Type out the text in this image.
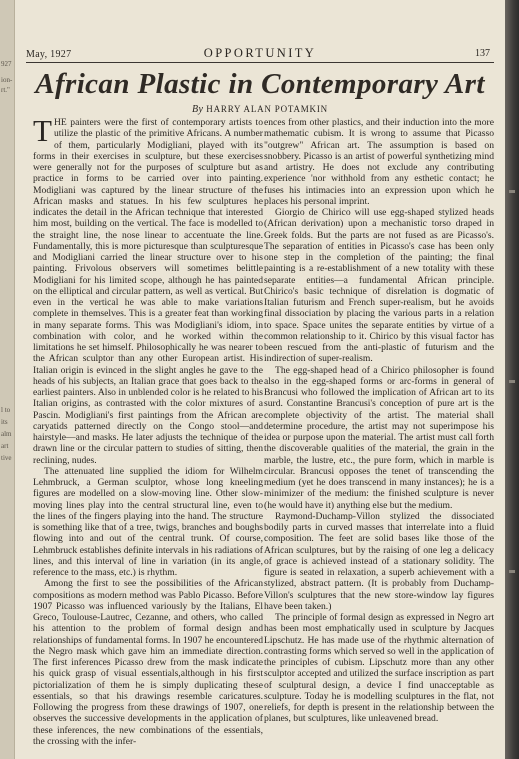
927
ion-
rt."
l to
its
alm
art
tive
May, 1927	OPPORTUNITY	137
African Plastic in Contemporary Art
By HARRY ALAN POTAMKIN

THE painters were the first of contemporary artists to utilize the plastic of the primitive Africans. A number of them, particularly Modigliani, played with its forms in their exercises in sculpture, but these exercises were generally not for the purposes of sculpture but as practice in forms to be carried over into painting. Modigliani was captured by the linear structure of the African masks and statues. In his few sculptures he indicates the detail in the African technique that interested him most, building on the vertical. The face is modelled to the straight line, the nose linear to accentuate the line. Fundamentally, this is more picturesque than sculpturesque and Modigliani carried the linear structure over to his painting. Frivolous observers will sometimes belittle Modigliani for his limited scope, although he has painted on the elliptical and circular pattern, as well as vertical. But even in the vertical he was able to make variations complete in themselves. This is a greater feat than working in many separate forms. This was Modigliani's idiom, in combination with color, and he worked within the limitations he set himself. Philosophically he was nearer to the African sculptor than any other European artist. His Italian origin is evinced in the slight angles he gave to the heads of his subjects, an Italian grace that goes back to the earliest painters. Also in unblended color is he related to his Italian origins, as contrasted with the color mixtures of a Pascin. Modigliani's first paintings from the African are caryatids patterned directly on the Congo stool—and hairstyle—and masks. He later adjusts the technique of the drawn line or the circular pattern to studies of sitting, then reclining, nudes.

The attenuated line supplied the idiom for Wilhelm Lehmbruck, a German sculptor, whose long kneeling figures are modelled on a slow-moving line. Other slow-moving lines play into the central structural line, even to the lines of the fingers playing into the hand. The structure is something like that of a tree, twigs, branches and boughs flowing into and out of the central trunk. Of course, Lehmbruck establishes definite intervals in his radiations of lines, and this interval of line in variation (in its angle, reference to the mass, etc.) is rhythm.

Among the first to see the possibilities of the African compositions as modern method was Pablo Picasso. Before 1907 Picasso was influenced variously by the Italians, El Greco, Toulouse-Lautrec, Cezanne, and others, who called his attention to the problem of formal design and relationships of fundamental forms. In 1907 he encountered the Negro mask which gave him an immediate direction. The first inferences Picasso drew from the mask indicate his quick grasp of visual essentials,although in his first pictorialization of them he is simply duplicating these essentials, so that his drawings resemble caricatures. Following the progress from these drawings of 1907, one observes the successive developments in the application of these inferences, the new combinations of the essentials, the crossing with the infer-

ences from other plastics, and their induction into the more mathematic cubism. It is wrong to assume that Picasso "outgrew" African art. The assumption is based on snobbery. Picasso is an artist of powerful synthetizing mind and artistry. He does not exclude any contributing experience 'nor withhold from any esthetic contact; he fuses his intimacies into an expression upon which he places his personal imprint.

Giorgio de Chirico will use egg-shaped stylized heads (African derivation) upon a mechanistic torso draped in Greek folds. But the parts are not fused as are Picasso's. The separation of entities in Picasso's case has been only one step in the completion of the painting; the final painting is a re-establishment of a new totality with these separate entities—a fundamental African principle. Chirico's basic technique of disrelation is dogmatic of Italian futurism and French super-realism, but he avoids final dissociation by placing the various parts in a relation to space. Space unites the separate entities by virtue of a common relationship to it. Chirico by this visual factor has been rescued from the anti-plastic of futurism and the indirection of super-realism.

The egg-shaped head of a Chirico philosopher is found also in the egg-shaped forms or arc-forms in general of Brancusi who followed the implication of African art to its surd. Constantine Brancusi's conception of pure art is the complete objectivity of the artist. The material shall determine procedure, the artist may not superimpose his idea or purpose upon the material. The artist must call forth the discoverable qualities of the material, the grain in the marble, the lustre, etc., the pure form, which in marble is circular. Brancusi opposes the tenet of transcending the medium (yet he does transcend in many instances); he is a minimizer of the medium: the finished sculpture is never (he would have it) anything else but the medium.

Raymond-Duchamp-Villon stylized the dissociated bodily parts in curved masses that interrelate into a fluid composition. The feet are solid bases like those of the African sculptures, but by the raising of one leg a delicacy of grace is achieved instead of a stationary solidity. The figure is seated in relaxation, a superb achievement with a stylized, abstract pattern. (It is probably from Duchamp-Villon's sculptures that the new store-window lay figures have been taken.)

The principle of formal design as expressed in Negro art has been most emphatically used in sculpture by Jacques Lipschutz. He has made use of the rhythmic alternation of contrasting forms which served so well in the application of the principles of cubism. Lipschutz more than any other sculptor accepted and utilized the surface inscription as part of sculptural design, a device I find unacceptable as sculpture. Today he is modelling sculptures in the flat, not reliefs, for depth is present in the relationship between the planes, but sculptures, like unleavened bread.
